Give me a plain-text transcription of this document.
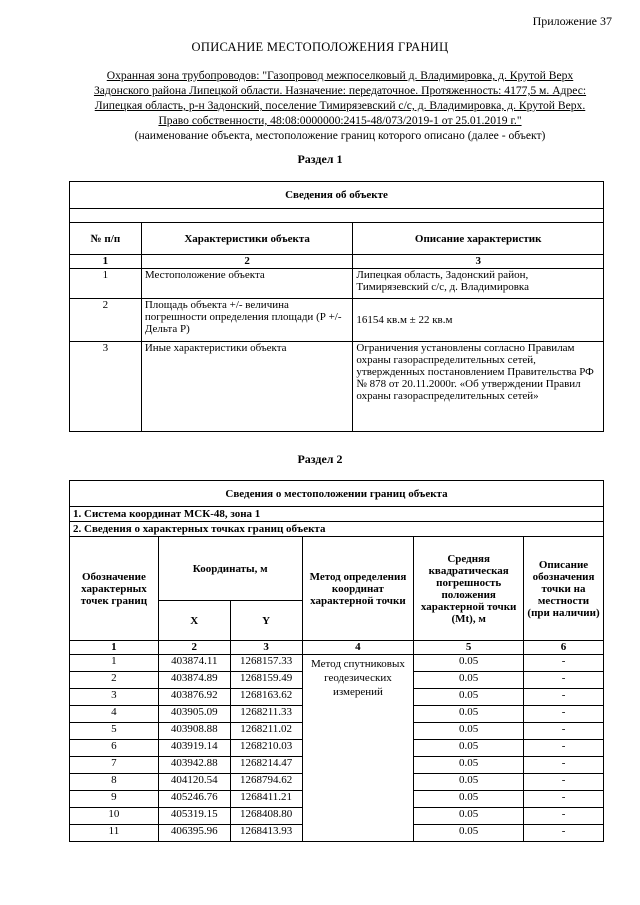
Приложение 37
ОПИСАНИЕ МЕСТОПОЛОЖЕНИЯ ГРАНИЦ
Охранная зона трубопроводов: "Газопровод межпоселковый д. Владимировка, д. Крутой Верх
Задонского района Липецкой области. Назначение: передаточное. Протяженность: 4177,5 м. Адрес:
Липецкая область, р-н Задонский, поселение Тимирязевский с/с, д. Владимировка, д. Крутой Верх.
Право собственности, 48:08:0000000:2415-48/073/2019-1 от 25.01.2019 г."
(наименование объекта, местоположение границ которого описано (далее - объект)
Раздел 1
Сведения об объекте		

№ п/п	Характеристики объекта	Описание характеристик
1	2	3
1	Местоположение объекта	Липецкая область, Задонский район, Тимирязевский с/с, д. Владимировка
2	Площадь объекта +/- величина погрешности определения площади (Р +/- Дельта Р)	16154 кв.м ± 22 кв.м
3	Иные характеристики объекта	Ограничения установлены согласно Правилам охраны газораспределительных сетей, утвержденных постановлением Правительства РФ № 878 от 20.11.2000г. «Об утверждении Правил охраны газораспределительных сетей»
Раздел 2
Сведения о местоположении границ объекта					
1. Система координат МСК-48, зона 1					
2. Сведения о характерных точках границ объекта					
Обозначение характерных точек границ	Координаты, м		Метод определения координат характерной точки	Средняя квадратическая погрешность положения характерной точки (Mt), м	Описание обозначения точки на местности (при наличии)
	X	Y			
1	2	3	4	5	6
1	403874.11	1268157.33	Метод спутниковых геодезических измерений	0.05	-
2	403874.89	1268159.49		0.05	-
3	403876.92	1268163.62		0.05	-
4	403905.09	1268211.33		0.05	-
5	403908.88	1268211.02		0.05	-
6	403919.14	1268210.03		0.05	-
7	403942.88	1268214.47		0.05	-
8	404120.54	1268794.62		0.05	-
9	405246.76	1268411.21		0.05	-
10	405319.15	1268408.80		0.05	-
11	406395.96	1268413.93		0.05	-
